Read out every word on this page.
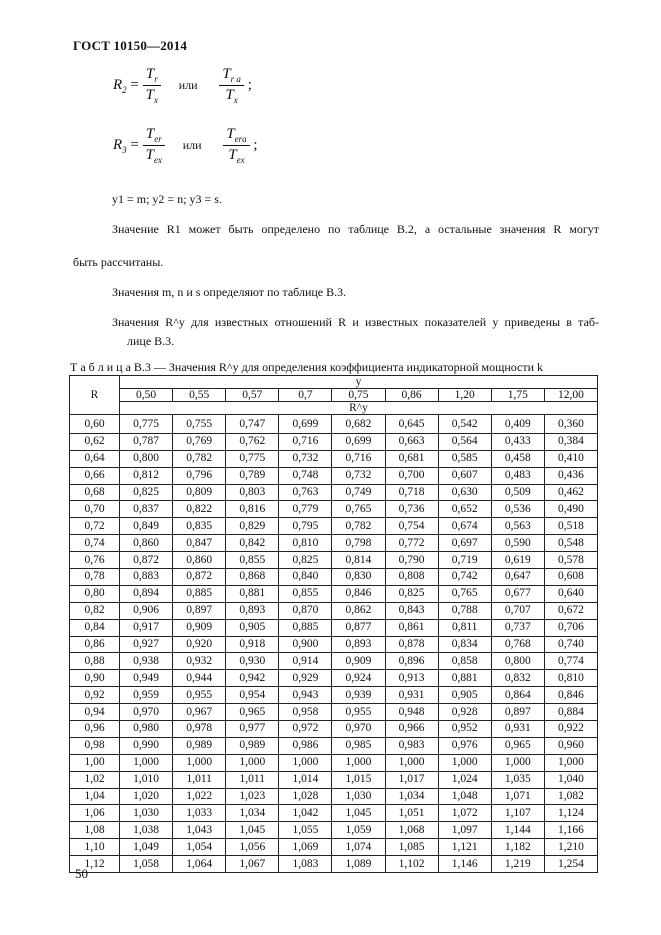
ГОСТ 10150—2014
$R_2 = \frac{T_r}{T_x}$ или $\frac{T_{r a}}{T_x}$ ;
$R_3 = \frac{T_{er}}{T_{ex}}$ или $\frac{T_{era}}{T_{ex}}$ ;
y1 = m; y2 = n; y3 = s.
Значение R1 может быть определено по таблице В.2, а остальные значения R могут
быть рассчитаны.
Значения m, n и s определяют по таблице В.3.
Значения R^y для известных отношений R и известных показателей y приведены в таб-
лице В.3.
Т а б л и ц а В.3 — Значения R^y для определения коэффициента индикаторной мощности k
R	y								
	0,50	0,55	0,57	0,7	0,75	0,86	1,20	1,75	12,00
	R^y								
0,60	0,775	0,755	0,747	0,699	0,682	0,645	0,542	0,409	0,360
0,62	0,787	0,769	0,762	0,716	0,699	0,663	0,564	0,433	0,384
0,64	0,800	0,782	0,775	0,732	0,716	0,681	0,585	0,458	0,410
0,66	0,812	0,796	0,789	0,748	0,732	0,700	0,607	0,483	0,436
0,68	0,825	0,809	0,803	0,763	0,749	0,718	0,630	0,509	0,462
0,70	0,837	0,822	0,816	0,779	0,765	0,736	0,652	0,536	0,490
0,72	0,849	0,835	0,829	0,795	0,782	0,754	0,674	0,563	0,518
0,74	0,860	0,847	0,842	0,810	0,798	0,772	0,697	0,590	0,548
0,76	0,872	0,860	0,855	0,825	0,814	0,790	0,719	0,619	0,578
0,78	0,883	0,872	0,868	0,840	0,830	0,808	0,742	0,647	0,608
0,80	0,894	0,885	0,881	0,855	0,846	0,825	0,765	0,677	0,640
0,82	0,906	0,897	0,893	0,870	0,862	0,843	0,788	0,707	0,672
0,84	0,917	0,909	0,905	0,885	0,877	0,861	0,811	0,737	0,706
0,86	0,927	0,920	0,918	0,900	0,893	0,878	0,834	0,768	0,740
0,88	0,938	0,932	0,930	0,914	0,909	0,896	0,858	0,800	0,774
0,90	0,949	0,944	0,942	0,929	0,924	0,913	0,881	0,832	0,810
0,92	0,959	0,955	0,954	0,943	0,939	0,931	0,905	0,864	0,846
0,94	0,970	0,967	0,965	0,958	0,955	0,948	0,928	0,897	0,884
0,96	0,980	0,978	0,977	0,972	0,970	0,966	0,952	0,931	0,922
0,98	0,990	0,989	0,989	0,986	0,985	0,983	0,976	0,965	0,960
1,00	1,000	1,000	1,000	1,000	1,000	1,000	1,000	1,000	1,000
1,02	1,010	1,011	1,011	1,014	1,015	1,017	1,024	1,035	1,040
1,04	1,020	1,022	1,023	1,028	1,030	1,034	1,048	1,071	1,082
1,06	1,030	1,033	1,034	1,042	1,045	1,051	1,072	1,107	1,124
1,08	1,038	1,043	1,045	1,055	1,059	1,068	1,097	1,144	1,166
1,10	1,049	1,054	1,056	1,069	1,074	1,085	1,121	1,182	1,210
1,12	1,058	1,064	1,067	1,083	1,089	1,102	1,146	1,219	1,254
50
